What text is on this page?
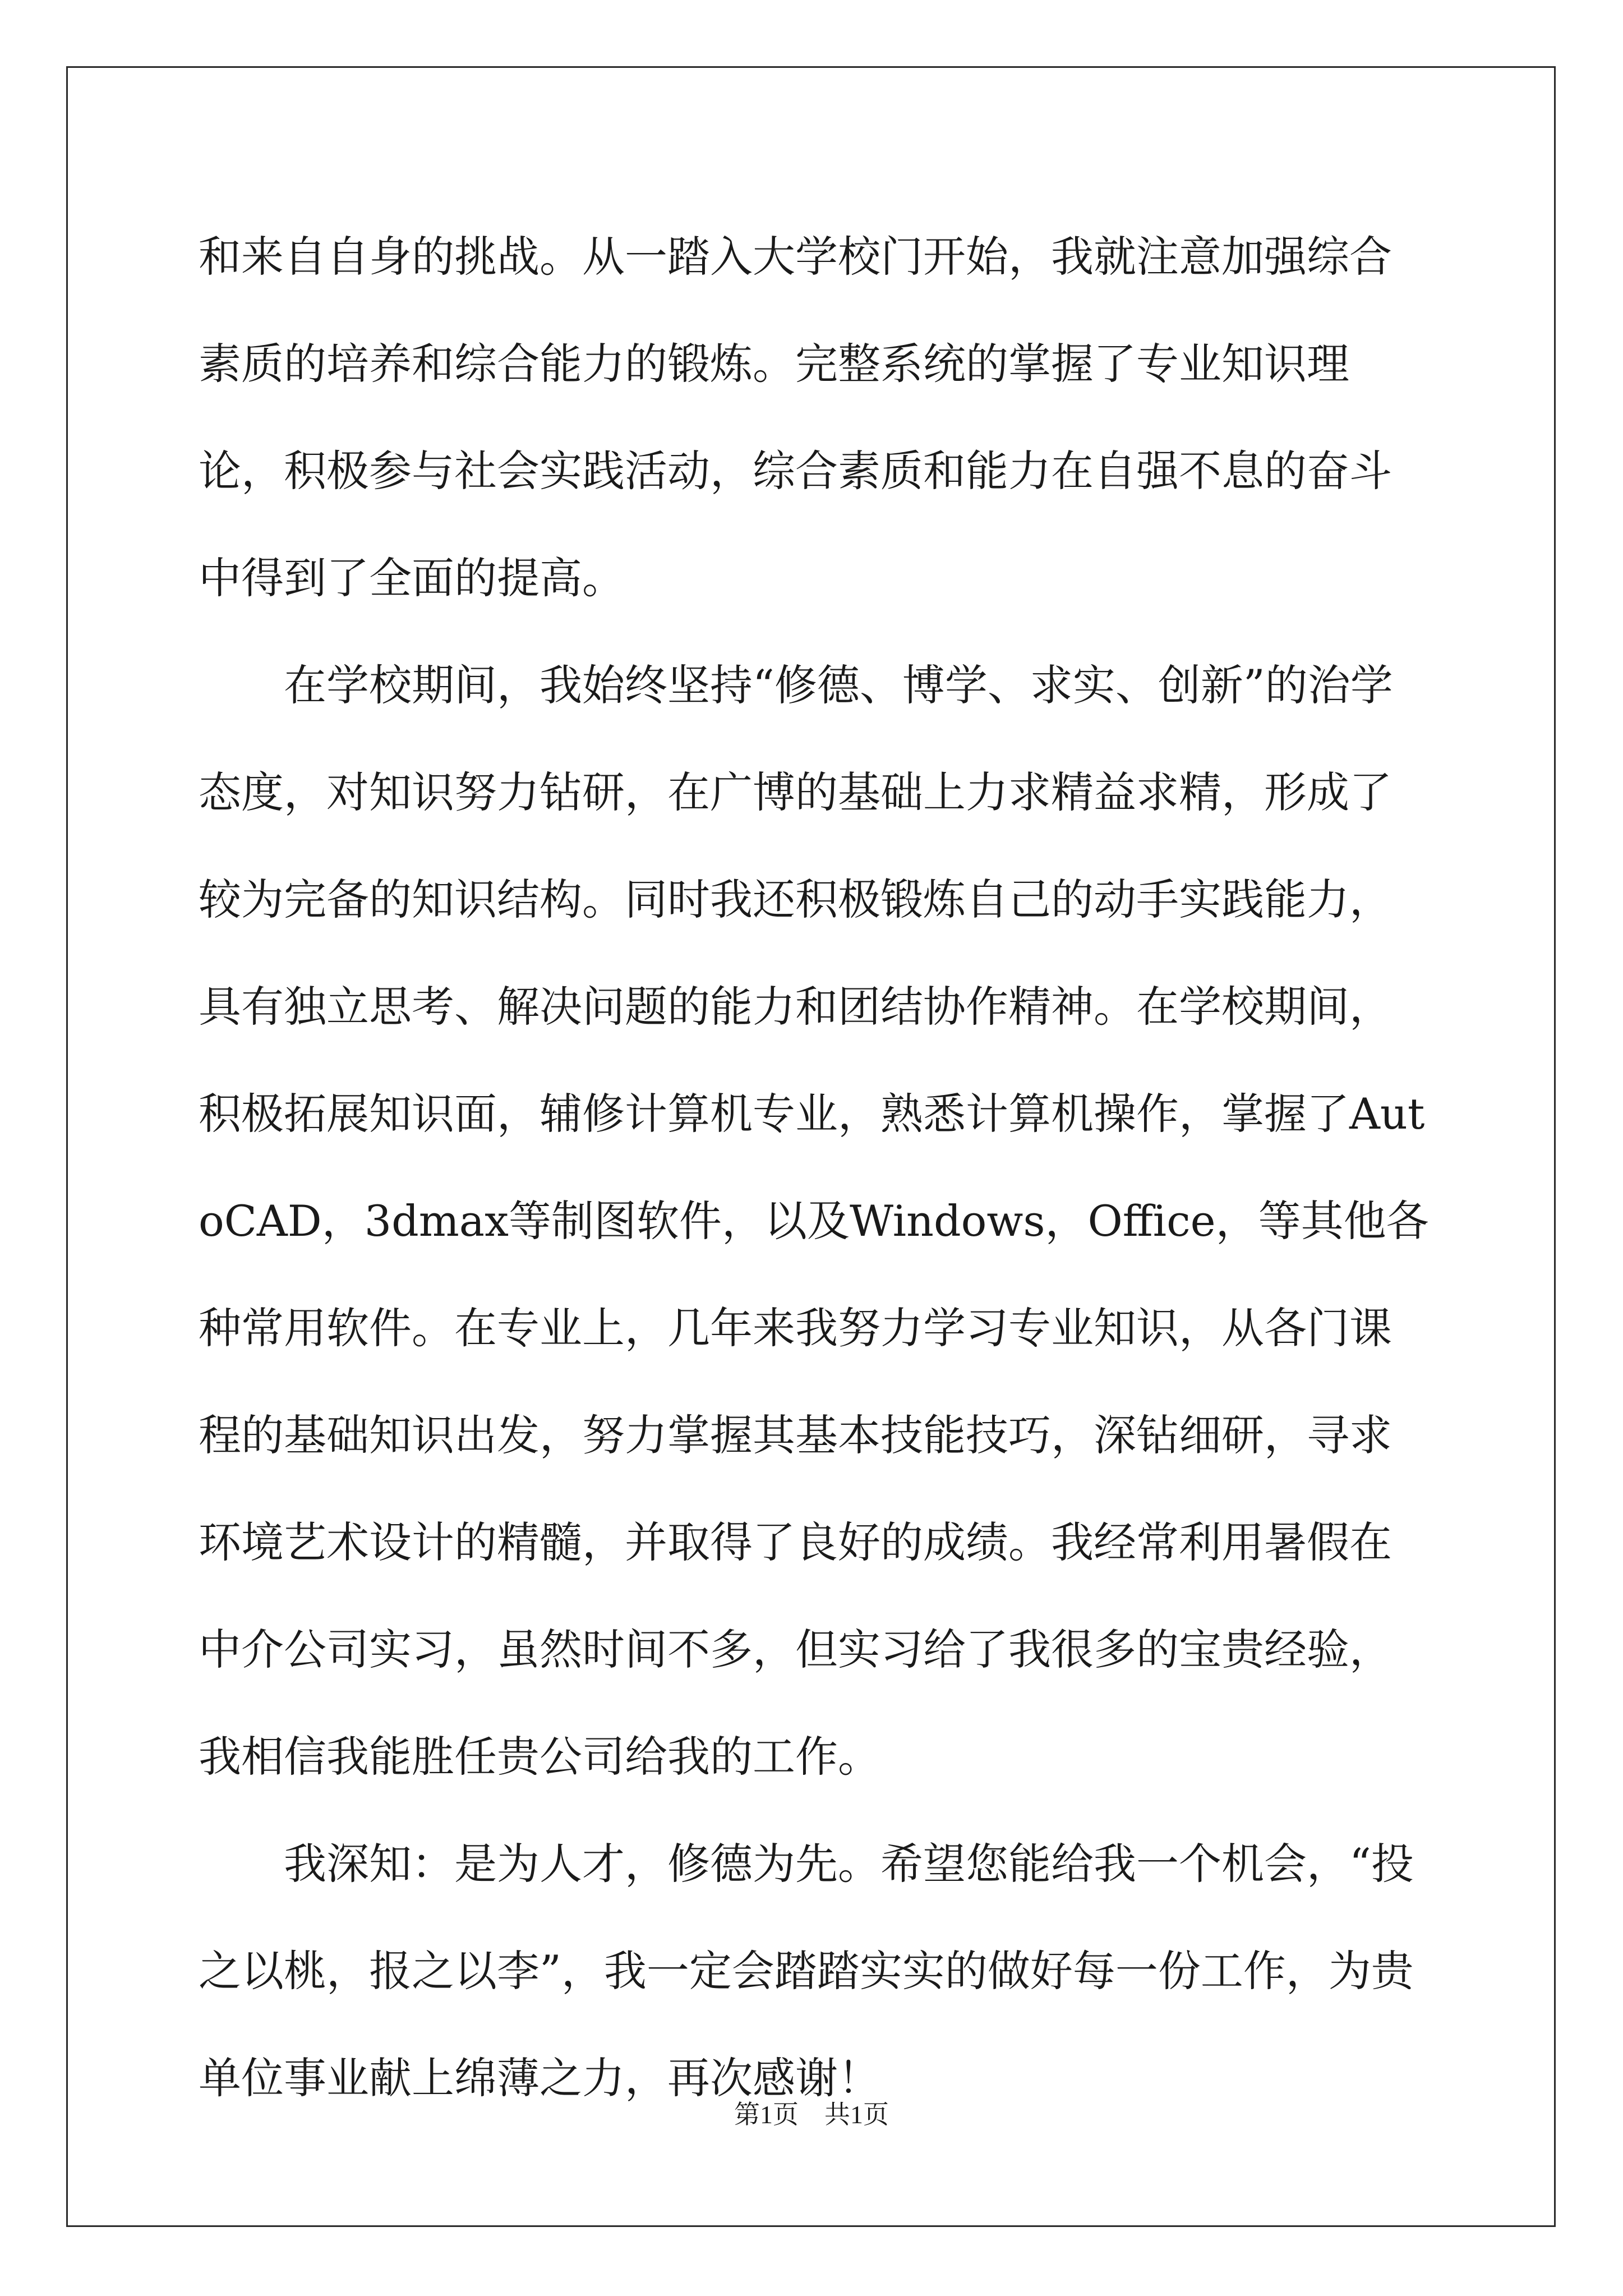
和来自自身的挑战。从一踏入大学校门开始，我就注意加强综合素质的培养和综合能力的锻炼。完整系统的掌握了专业知识理论，积极参与社会实践活动，综合素质和能力在自强不息的奋斗中得到了全面的提高。

在学校期间，我始终坚持“修德、博学、求实、创新”的治学态度，对知识努力钻研，在广博的基础上力求精益求精，形成了较为完备的知识结构。同时我还积极锻炼自己的动手实践能力，具有独立思考、解决问题的能力和团结协作精神。在学校期间，积极拓展知识面，辅修计算机专业，熟悉计算机操作，掌握了AutoCAD，3dmax等制图软件，以及Windows，Office，等其他各种常用软件。在专业上，几年来我努力学习专业知识，从各门课程的基础知识出发，努力掌握其基本技能技巧，深钻细研，寻求环境艺术设计的精髓，并取得了良好的成绩。我经常利用暑假在中介公司实习，虽然时间不多，但实习给了我很多的宝贵经验，我相信我能胜任贵公司给我的工作。

我深知：是为人才，修德为先。希望您能给我一个机会，“投之以桃，报之以李”，我一定会踏踏实实的做好每一份工作，为贵单位事业献上绵薄之力，再次感谢！

第1页　共1页
